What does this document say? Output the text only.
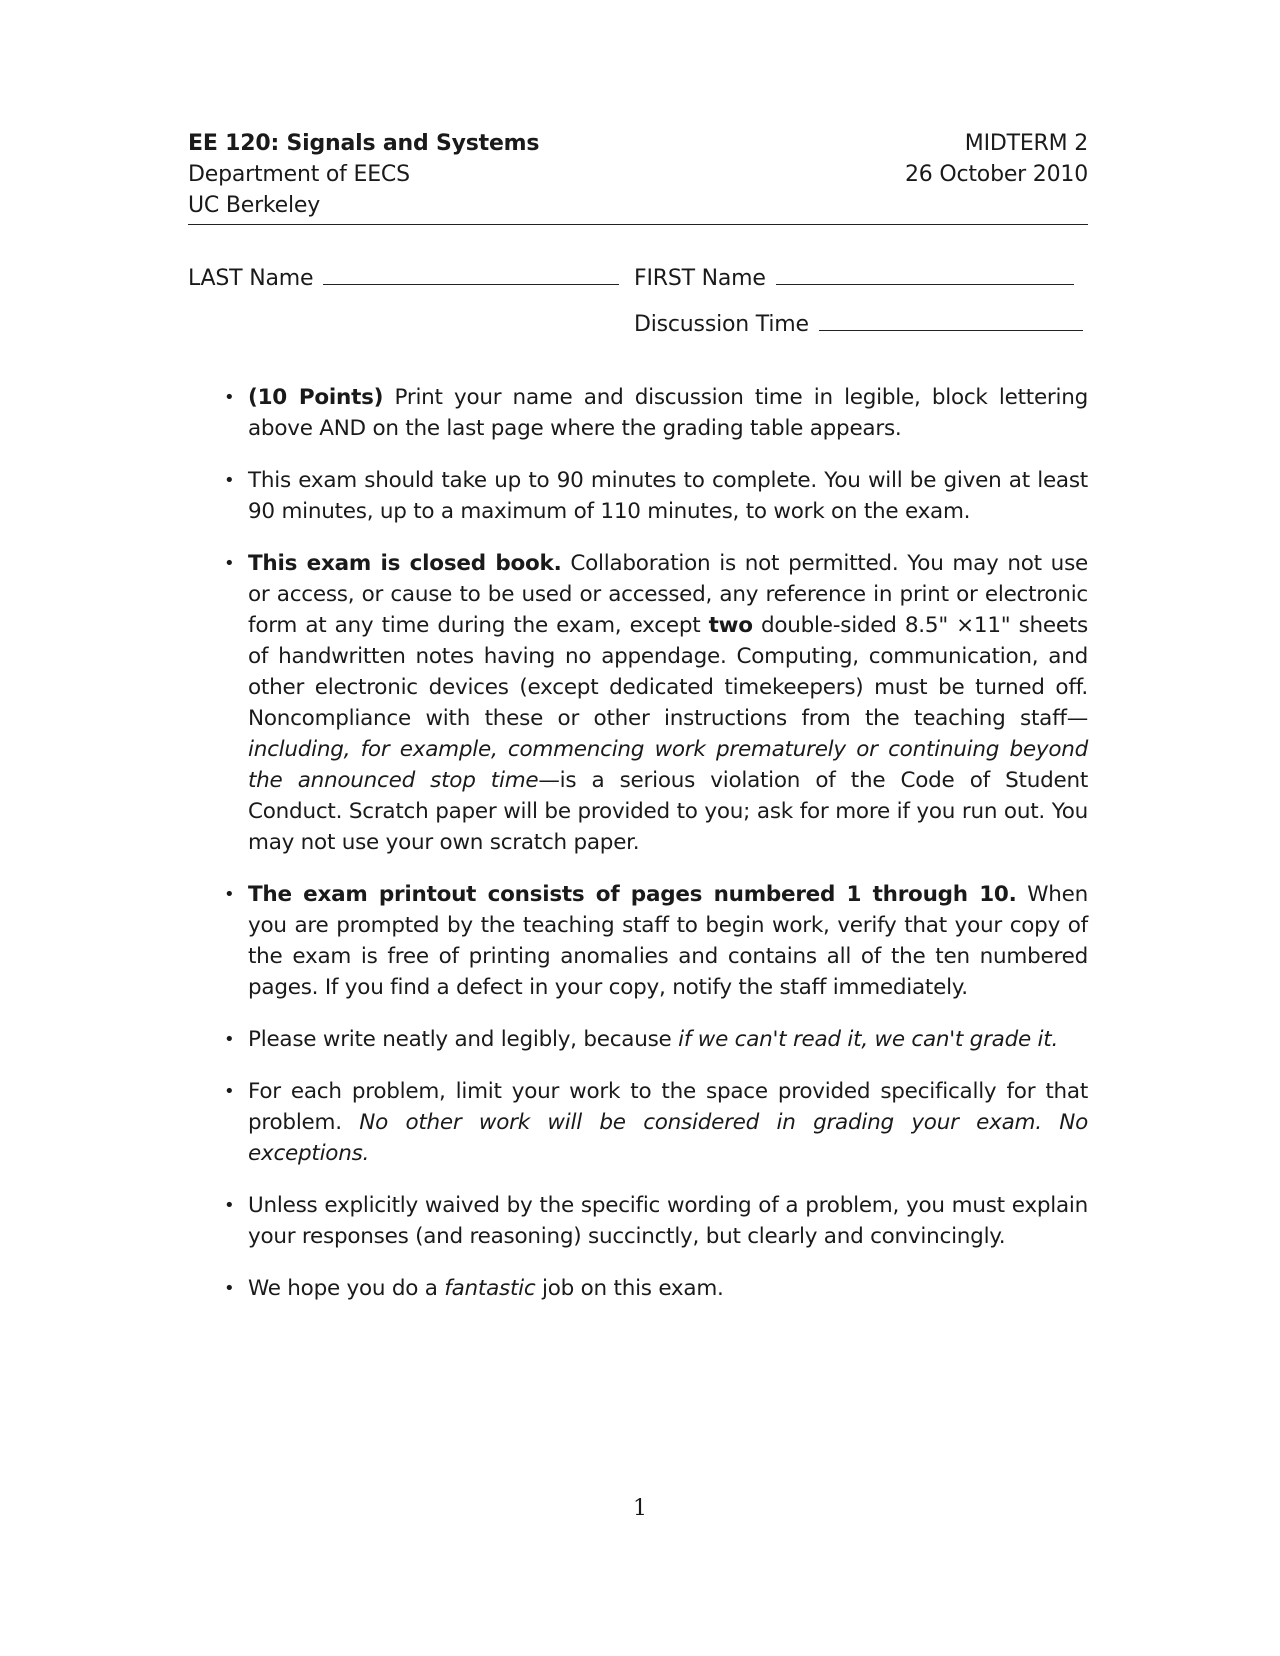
EE 120: Signals and Systems	MIDTERM 2
Department of EECS	26 October 2010
UC Berkeley
LAST Name	FIRST Name
Discussion Time
• (10 Points) Print your name and discussion time in legible, block lettering above AND on the last page where the grading table appears.
• This exam should take up to 90 minutes to complete. You will be given at least 90 minutes, up to a maximum of 110 minutes, to work on the exam.
• This exam is closed book. Collaboration is not permitted. You may not use or access, or cause to be used or accessed, any reference in print or electronic form at any time during the exam, except two double-sided 8.5" ×11" sheets of handwritten notes having no appendage. Computing, communication, and other electronic devices (except dedicated timekeepers) must be turned off. Noncompliance with these or other instructions from the teaching staff—including, for example, commencing work prematurely or continuing beyond the announced stop time—is a serious violation of the Code of Student Conduct. Scratch paper will be provided to you; ask for more if you run out. You may not use your own scratch paper.
• The exam printout consists of pages numbered 1 through 10. When you are prompted by the teaching staff to begin work, verify that your copy of the exam is free of printing anomalies and contains all of the ten numbered pages. If you find a defect in your copy, notify the staff immediately.
• Please write neatly and legibly, because if we can't read it, we can't grade it.
• For each problem, limit your work to the space provided specifically for that problem. No other work will be considered in grading your exam. No exceptions.
• Unless explicitly waived by the specific wording of a problem, you must explain your responses (and reasoning) succinctly, but clearly and convincingly.
• We hope you do a fantastic job on this exam.
1
